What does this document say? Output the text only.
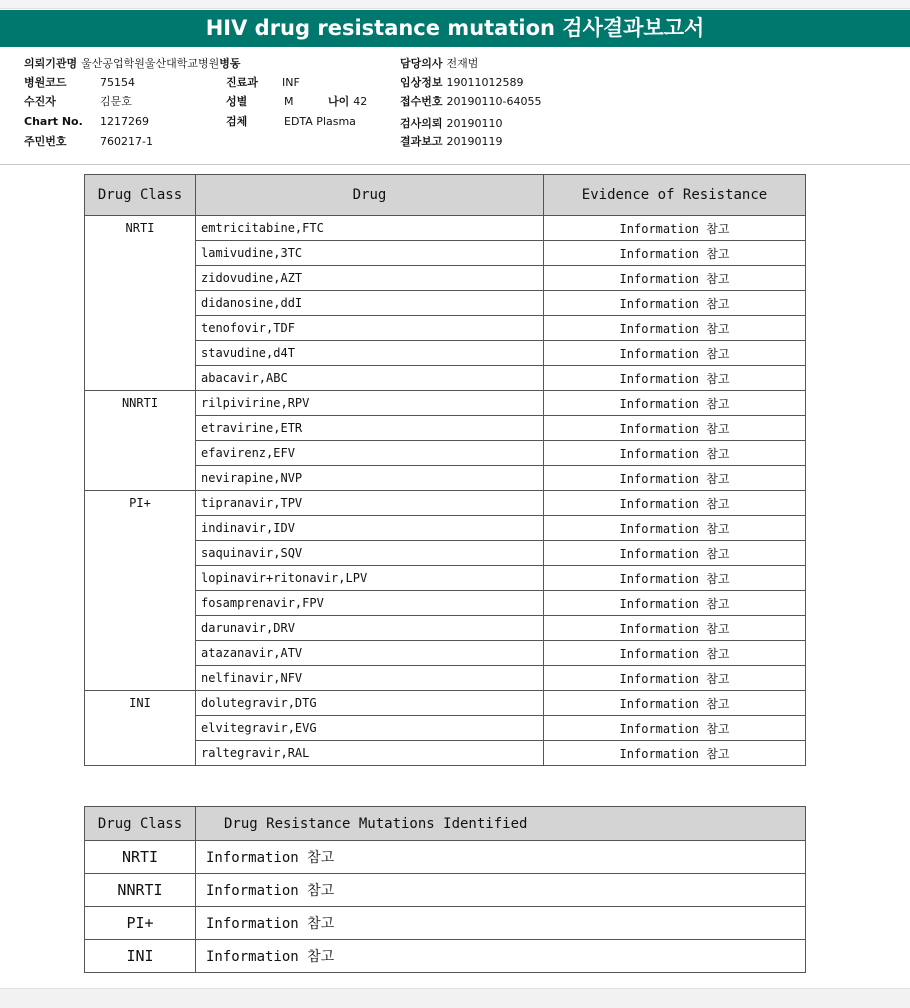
HIV drug resistance mutation 검사결과보고서
의뢰기관명 울산공업학원울산대학교병원병동
병원코드	75154
수진자	김문호
Chart No. 1217269
주민번호	760217-1
진료과 INF
성별	M	나이 42
검체	EDTA Plasma
담당의사 전재범
임상정보 19011012589
접수번호 20190110-64055
검사의뢰 20190110
결과보고 20190119
Drug Class	Drug	Evidence of Resistance
NRTI	emtricitabine,FTC	Information 참고
	lamivudine,3TC	Information 참고
	zidovudine,AZT	Information 참고
	didanosine,ddI	Information 참고
	tenofovir,TDF	Information 참고
	stavudine,d4T	Information 참고
	abacavir,ABC	Information 참고
NNRTI	rilpivirine,RPV	Information 참고
	etravirine,ETR	Information 참고
	efavirenz,EFV	Information 참고
	nevirapine,NVP	Information 참고
PI+	tipranavir,TPV	Information 참고
	indinavir,IDV	Information 참고
	saquinavir,SQV	Information 참고
	lopinavir+ritonavir,LPV	Information 참고
	fosamprenavir,FPV	Information 참고
	darunavir,DRV	Information 참고
	atazanavir,ATV	Information 참고
	nelfinavir,NFV	Information 참고
INI	dolutegravir,DTG	Information 참고
	elvitegravir,EVG	Information 참고
	raltegravir,RAL	Information 참고
Drug Class	Drug Resistance Mutations Identified
NRTI	Information 참고
NNRTI	Information 참고
PI+	Information 참고
INI	Information 참고
